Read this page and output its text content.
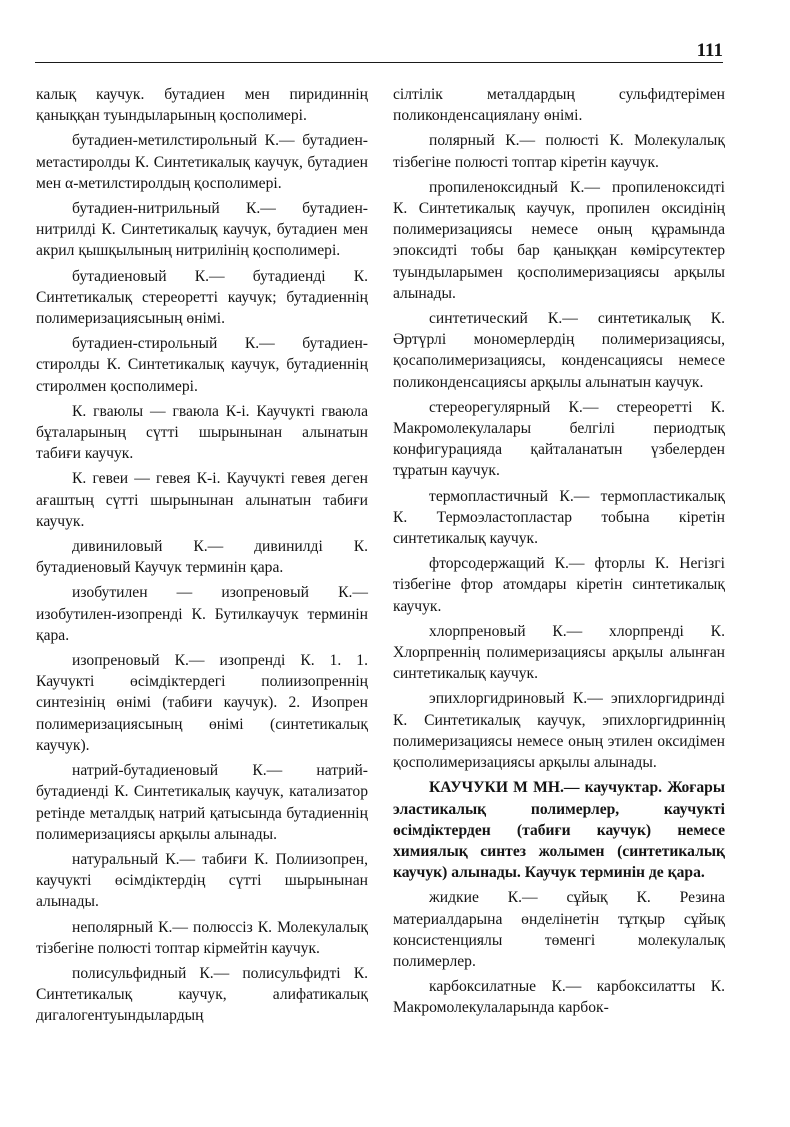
111

калық каучук. бутадиен мен пиридиннің қаныққан туындыларының қосполимері.

бутадиен-метилстирольный К.— бутадиен-метастиролды К. Синтетикалық каучук, бутадиен мен α-метилстиролдың қосполимері.

бутадиен-нитрильный К.— бутадиен-нитрилді К. Синтетикалық каучук, бутадиен мен акрил қышқылының нитрилінің қосполимері.

бутадиеновый К.— бутадиенді К. Синтетикалық стереоретті каучук; бутадиеннің полимеризациясының өнімі.

бутадиен-стирольный К.— бутадиен-стиролды К. Синтетикалық каучук, бутадиеннің стиролмен қосполимері.

К. гваюлы — гваюла К-і. Каучукті гваюла бұталарының сүтті шырынынан алынатын табиғи каучук.

К. гевеи — гевея К-і. Каучукті гевея деген ағаштың сүтті шырынынан алынатын табиғи каучук.

дивиниловый К.— дивинилді К. бутадиеновый Каучук терминін қара.

изобутилен — изопреновый К.— изобутилен-изопренді К. Бутилкаучук терминін қара.

изопреновый К.— изопренді К. 1. 1. Каучукті өсімдіктердегі полиизопреннің синтезінің өнімі (табиғи каучук). 2. Изопрен полимеризациясының өнімі (синтетикалық каучук).

натрий-бутадиеновый К.— натрий-бутадиенді К. Синтетикалық каучук, катализатор ретінде металдық натрий қатысында бутадиеннің полимеризациясы арқылы алынады.

натуральный К.— табиғи К. Полиизопрен, каучукті өсімдіктердің сүтті шырынынан алынады.

неполярный К.— полюссіз К. Молекулалық тізбегіне полюсті топтар кірмейтін каучук.

полисульфидный К.— полисульфидті К. Синтетикалық каучук, алифатикалық дигалогентуындылардың

сілтілік металдардың сульфидтерімен поликонденсациялану өнімі.

полярный К.— полюсті К. Молекулалық тізбегіне полюсті топтар кіретін каучук.

пропиленоксидный К.— пропиленоксидті К. Синтетикалық каучук, пропилен оксидінің полимеризациясы немесе оның құрамында эпоксидті тобы бар қаныққан көмірсутектер туындыларымен қосполимеризациясы арқылы алынады.

синтетический К.— синтетикалық К. Әртүрлі мономерлердің полимеризациясы, қосаполимеризациясы, конденсациясы немесе поликонденсациясы арқылы алынатын каучук.

стереорегулярный К.— стереоретті К. Макромолекулалары белгілі периодтық конфигурацияда қайталанатын үзбелерден тұратын каучук.

термопластичный К.— термопластикалық К. Термоэластопластар тобына кіретін синтетикалық каучук.

фторсодержащий К.— фторлы К. Негізгі тізбегіне фтор атомдары кіретін синтетикалық каучук.

хлорпреновый К.— хлорпренді К. Хлорпреннің полимеризациясы арқылы алынған синтетикалық каучук.

эпихлоргидриновый К.— эпихлоргидринді К. Синтетикалық каучук, эпихлоргидриннің полимеризациясы немесе оның этилен оксидімен қосполимеризациясы арқылы алынады.

КАУЧУКИ М МН.— каучуктар. Жоғары эластикалық полимерлер, каучукті өсімдіктерден (табиғи каучук) немесе химиялық синтез жолымен (синтетикалық каучук) алынады. Каучук терминін де қара.

жидкие К.— сұйық К. Резина материалдарына өнделінетін тұтқыр сұйық консистенциялы төменгі молекулалық полимерлер.

карбоксилатные К.— карбоксилатты К. Макромолекулаларында карбок-
